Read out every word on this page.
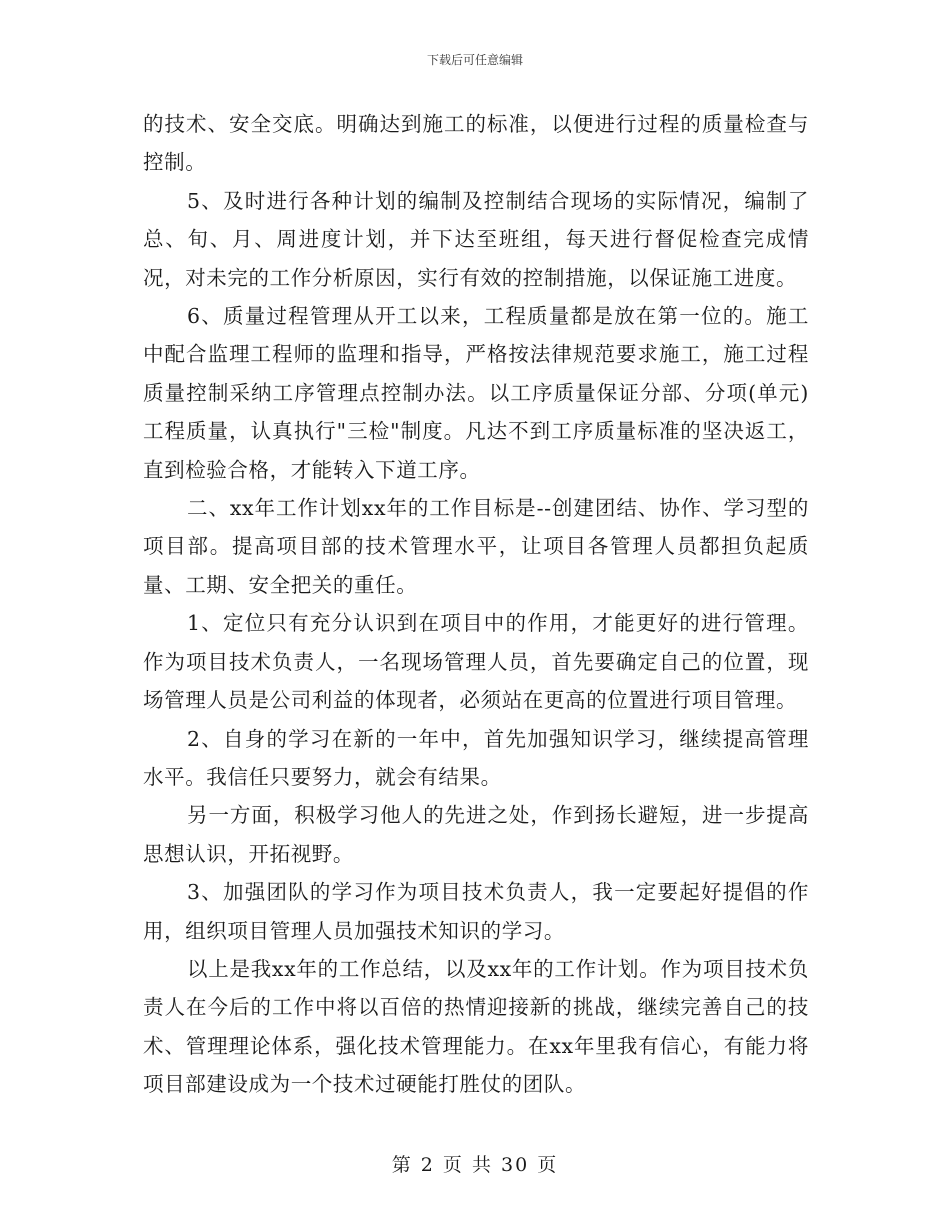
下载后可任意编辑

的技术、安全交底。明确达到施工的标准，以便进行过程的质量检查与控制。

5、及时进行各种计划的编制及控制结合现场的实际情况，编制了总、旬、月、周进度计划，并下达至班组，每天进行督促检查完成情况，对未完的工作分析原因，实行有效的控制措施，以保证施工进度。

6、质量过程管理从开工以来，工程质量都是放在第一位的。施工中配合监理工程师的监理和指导，严格按法律规范要求施工，施工过程质量控制采纳工序管理点控制办法。以工序质量保证分部、分项(单元)工程质量，认真执行"三检"制度。凡达不到工序质量标准的坚决返工，直到检验合格，才能转入下道工序。

二、xx年工作计划xx年的工作目标是--创建团结、协作、学习型的项目部。提高项目部的技术管理水平，让项目各管理人员都担负起质量、工期、安全把关的重任。

1、定位只有充分认识到在项目中的作用，才能更好的进行管理。作为项目技术负责人，一名现场管理人员，首先要确定自己的位置，现场管理人员是公司利益的体现者，必须站在更高的位置进行项目管理。

2、自身的学习在新的一年中，首先加强知识学习，继续提高管理水平。我信任只要努力，就会有结果。

另一方面，积极学习他人的先进之处，作到扬长避短，进一步提高思想认识，开拓视野。

3、加强团队的学习作为项目技术负责人，我一定要起好提倡的作用，组织项目管理人员加强技术知识的学习。

以上是我xx年的工作总结，以及xx年的工作计划。作为项目技术负责人在今后的工作中将以百倍的热情迎接新的挑战，继续完善自己的技术、管理理论体系，强化技术管理能力。在xx年里我有信心，有能力将项目部建设成为一个技术过硬能打胜仗的团队。

第 2 页 共 30 页
